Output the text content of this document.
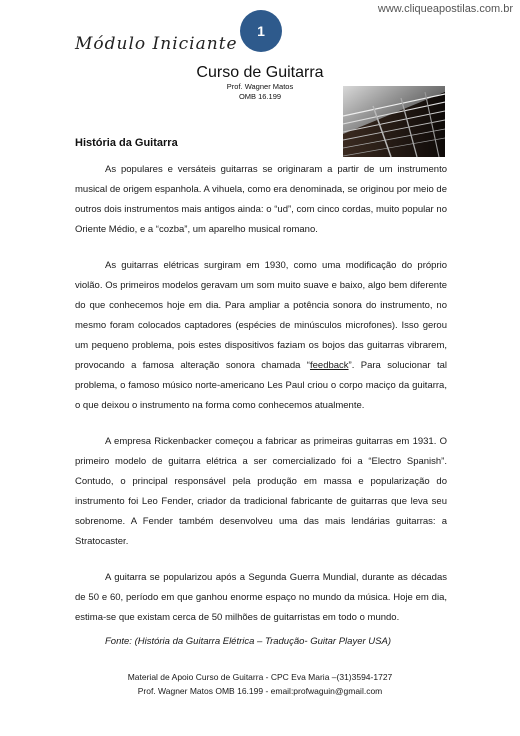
www.cliqueapostilas.com.br
Módulo Iniciante
1
Curso de Guitarra
Prof. Wagner Matos
OMB 16.199
História da Guitarra

As populares e versáteis guitarras se originaram a partir de um instrumento musical de origem espanhola. A vihuela, como era denominada, se originou por meio de outros dois instrumentos mais antigos ainda: o “ud”, com cinco cordas, muito popular no Oriente Médio, e a “cozba”, um aparelho musical romano.

As guitarras elétricas surgiram em 1930, como uma modificação do próprio violão. Os primeiros modelos geravam um som muito suave e baixo, algo bem diferente do que conhecemos hoje em dia. Para ampliar a potência sonora do instrumento, no mesmo foram colocados captadores (espécies de minúsculos microfones). Isso gerou um pequeno problema, pois estes dispositivos faziam os bojos das guitarras vibrarem, provocando a famosa alteração sonora chamada “feedback”. Para solucionar tal problema, o famoso músico norte-americano Les Paul criou o corpo maciço da guitarra, o que deixou o instrumento na forma como conhecemos atualmente.

A empresa Rickenbacker começou a fabricar as primeiras guitarras em 1931. O primeiro modelo de guitarra elétrica a ser comercializado foi a “Electro Spanish”. Contudo, o principal responsável pela produção em massa e popularização do instrumento foi Leo Fender, criador da tradicional fabricante de guitarras que leva seu sobrenome. A Fender também desenvolveu uma das mais lendárias guitarras: a Stratocaster.

A guitarra se popularizou após a Segunda Guerra Mundial, durante as décadas de 50 e 60, período em que ganhou enorme espaço no mundo da música. Hoje em dia, estima-se que existam cerca de 50 milhões de guitarristas em todo o mundo.

Fonte: (História da Guitarra Elétrica – Tradução- Guitar Player USA)
Material de Apoio Curso de Guitarra - CPC Eva Maria –(31)3594-1727
Prof. Wagner Matos OMB 16.199 - email:profwaguin@gmail.com
